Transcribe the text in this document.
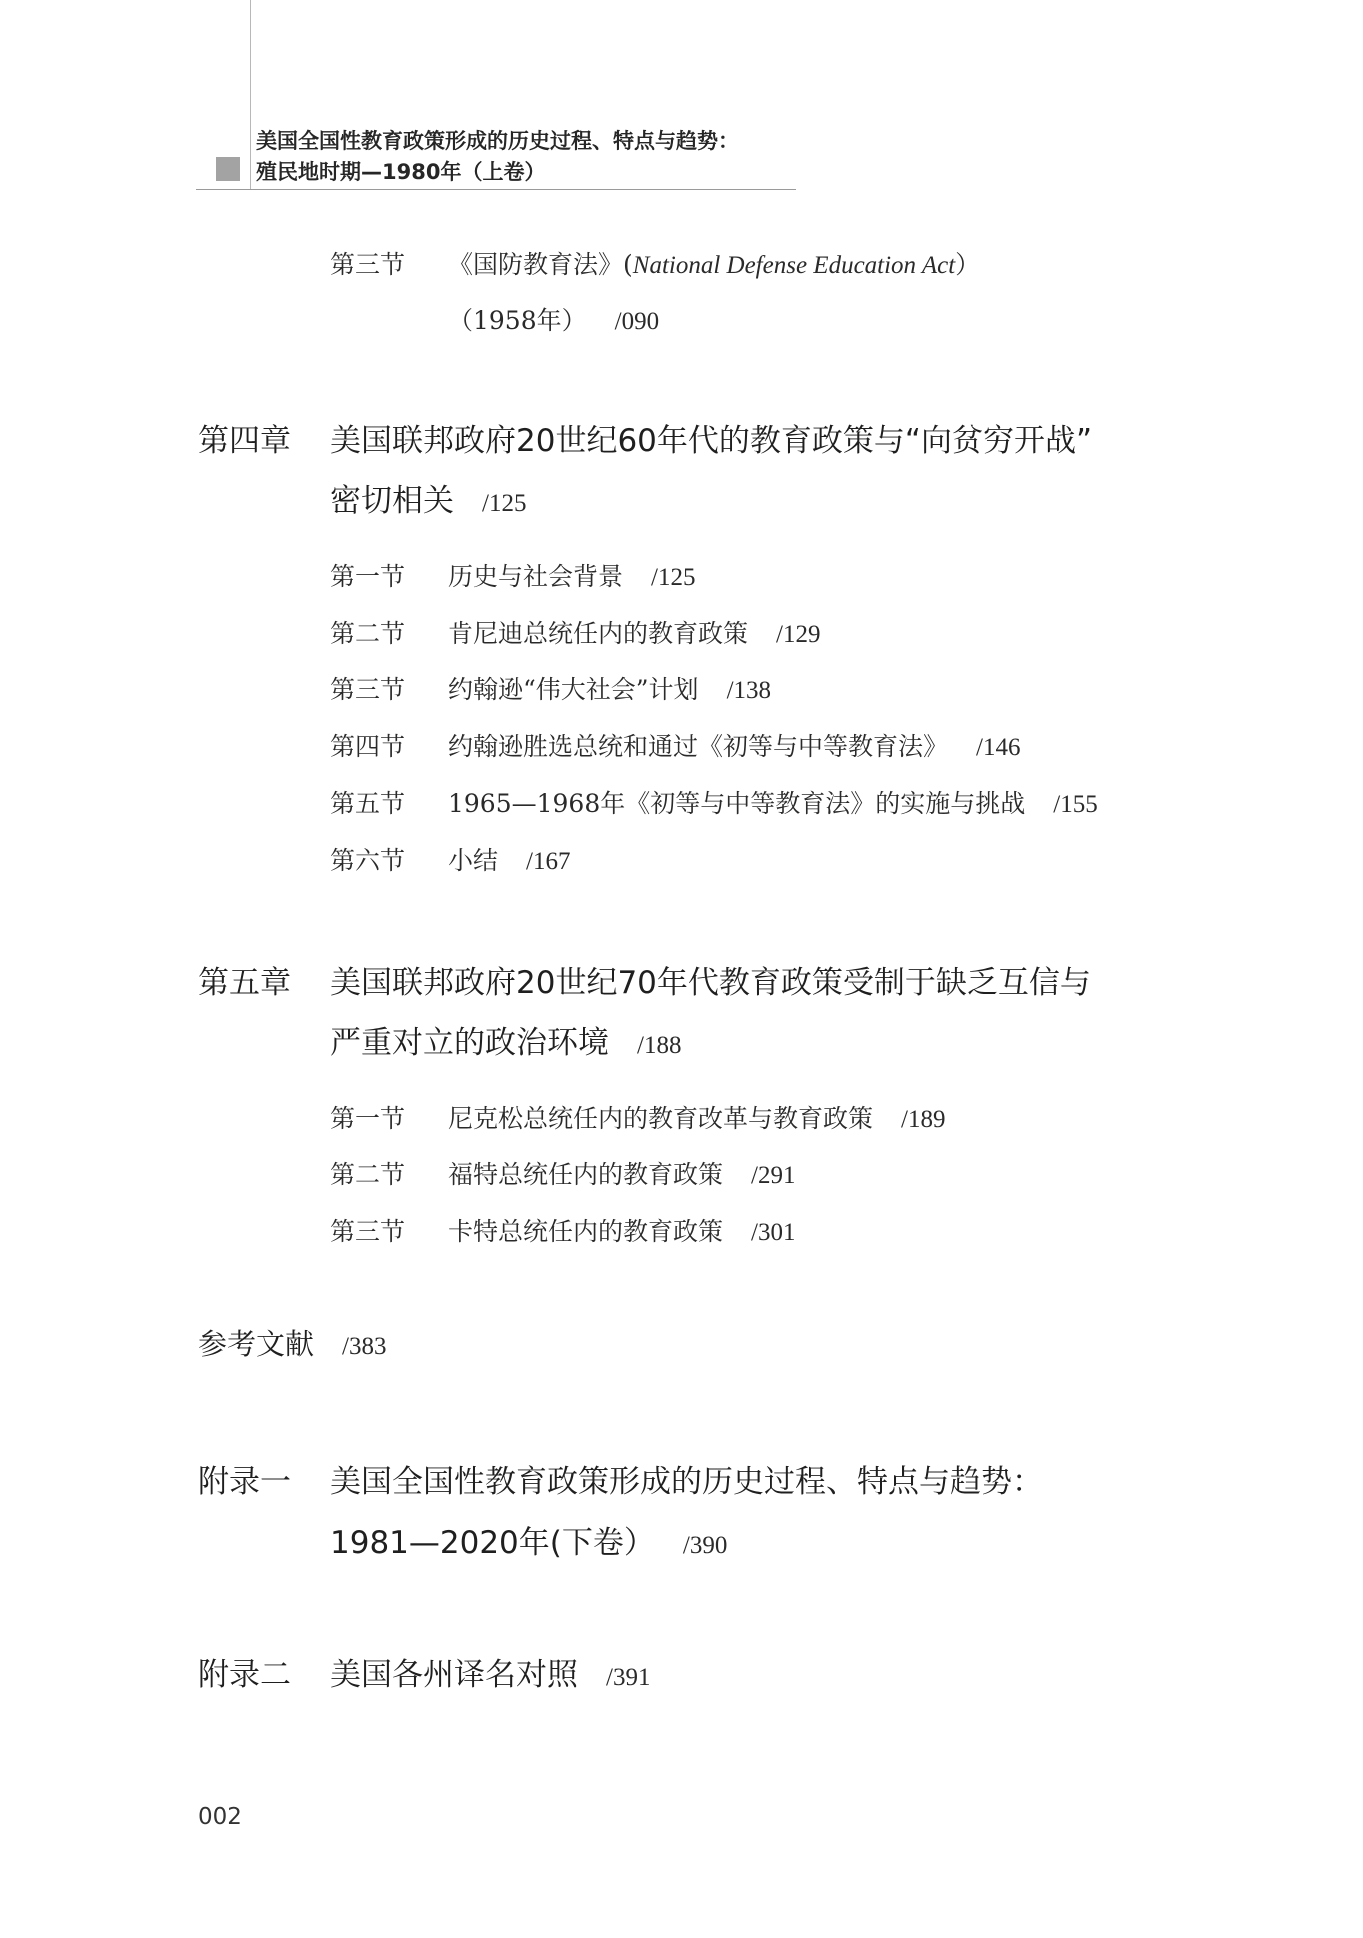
美国全国性教育政策形成的历史过程、特点与趋势：
殖民地时期—1980年（上卷）
第三节 《国防教育法》(National Defense Education Act）
（1958年） /090
第四章 美国联邦政府20世纪60年代的教育政策与“向贫穷开战”
密切相关 /125
第一节 历史与社会背景 /125
第二节 肯尼迪总统任内的教育政策 /129
第三节 约翰逊“伟大社会”计划 /138
第四节 约翰逊胜选总统和通过《初等与中等教育法》 /146
第五节 1965—1968年《初等与中等教育法》的实施与挑战 /155
第六节 小结 /167
第五章 美国联邦政府20世纪70年代教育政策受制于缺乏互信与
严重对立的政治环境 /188
第一节 尼克松总统任内的教育改革与教育政策 /189
第二节 福特总统任内的教育政策 /291
第三节 卡特总统任内的教育政策 /301
参考文献 /383
附录一 美国全国性教育政策形成的历史过程、特点与趋势：
1981—2020年(下卷） /390
附录二 美国各州译名对照 /391
002
